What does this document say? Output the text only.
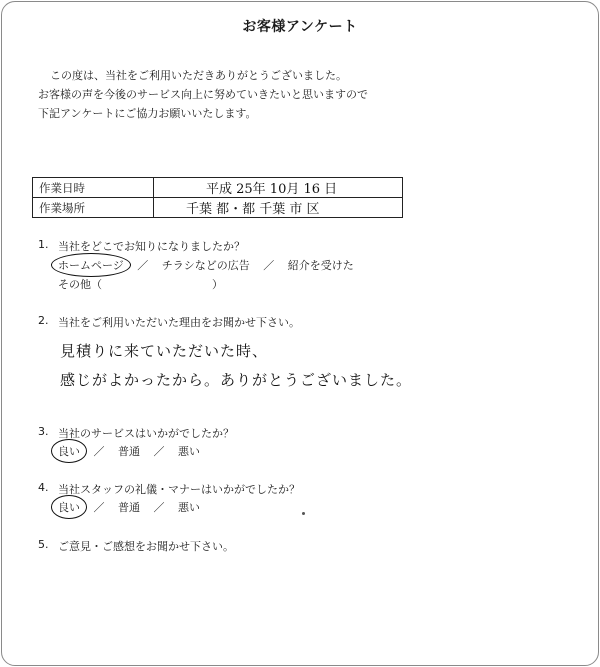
お客様アンケート
この度は、当社をご利用いただきありがとうございました。
お客様の声を今後のサービス向上に努めていきたいと思いますので
下記アンケートにご協力お願いいたします。
作業日時	平成 25年 10月 16 日
作業場所	千葉 都・都 千葉 市 区
1. 当社をどこでお知りになりましたか？
ホームページ ／ チラシなどの広告 ／ 紹介を受けた
その他（　　　　　　　　　　）
2. 当社をご利用いただいた理由をお聞かせ下さい。
見積りに来ていただいた時、
感じがよかったから。ありがとうございました。
3. 当社のサービスはいかがでしたか？
良い ／ 普通 ／ 悪い
4. 当社スタッフの礼儀・マナーはいかがでしたか？
良い ／ 普通 ／ 悪い
5. ご意見・ご感想をお聞かせ下さい。
